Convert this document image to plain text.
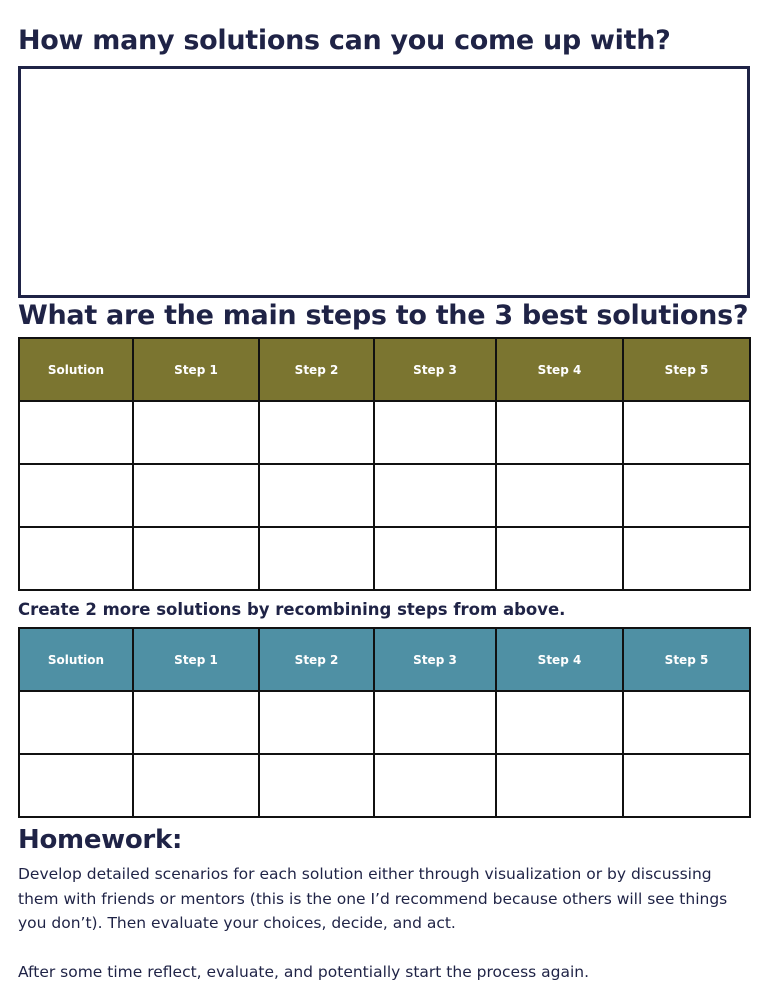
How many solutions can you come up with?
What are the main steps to the 3 best solutions?
Solution	Step 1	Step 2	Step 3	Step 4	Step 5

Create 2 more solutions by recombining steps from above.

Solution	Step 1	Step 2	Step 3	Step 4	Step 5

Homework:

Develop detailed scenarios for each solution either through visualization or by discussing them with friends or mentors (this is the one I’d recommend because others will see things you don’t). Then evaluate your choices, decide, and act.

After some time reflect, evaluate, and potentially start the process again.
